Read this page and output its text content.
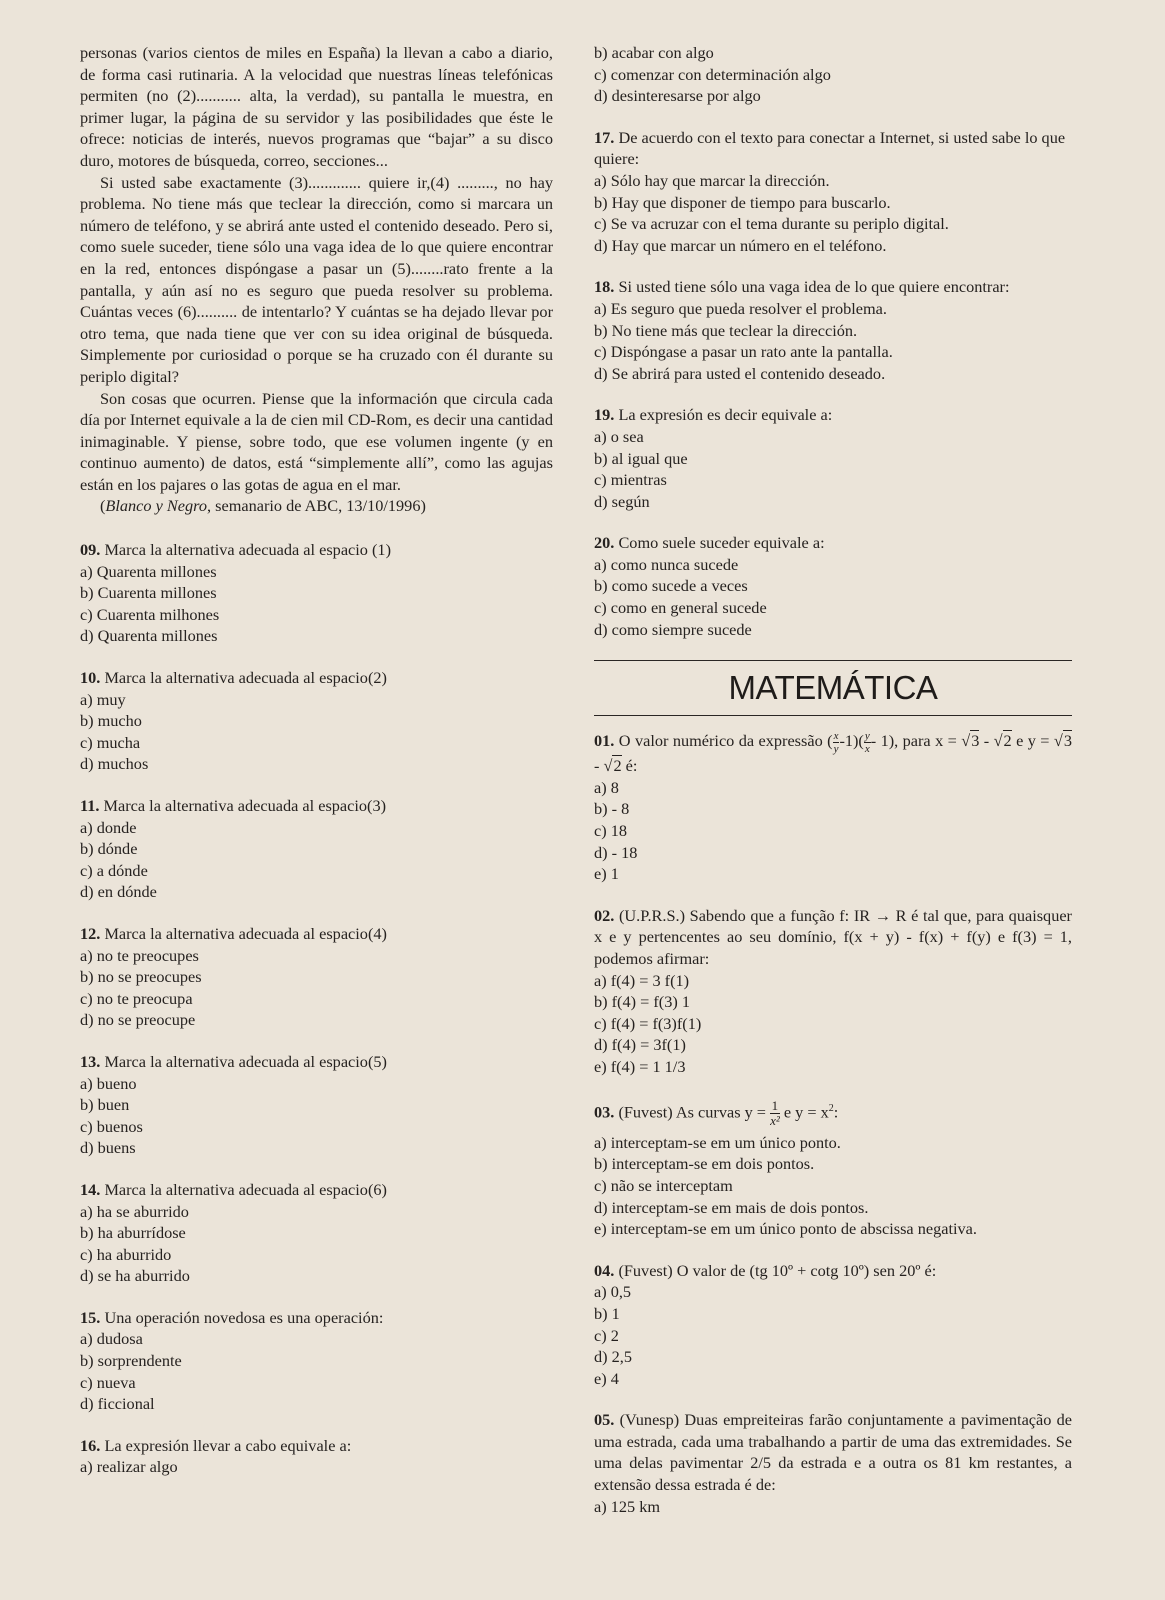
personas (varios cientos de miles en España) la llevan a cabo a diario, de forma casi rutinaria. A la velocidad que nuestras líneas telefónicas permiten (no (2)........... alta, la verdad), su pantalla le muestra, en primer lugar, la página de su servidor y las posibilidades que éste le ofrece: noticias de interés, nuevos programas que “bajar” a su disco duro, motores de búsqueda, correo, secciones...

Si usted sabe exactamente (3)............. quiere ir,(4) ........., no hay problema. No tiene más que teclear la dirección, como si marcara un número de teléfono, y se abrirá ante usted el contenido deseado. Pero si, como suele suceder, tiene sólo una vaga idea de lo que quiere encontrar en la red, entonces dispóngase a pasar un (5)........rato frente a la pantalla, y aún así no es seguro que pueda resolver su problema. Cuántas veces (6).......... de intentarlo? Y cuántas se ha dejado llevar por otro tema, que nada tiene que ver con su idea original de búsqueda. Simplemente por curiosidad o porque se ha cruzado con él durante su periplo digital?

Son cosas que ocurren. Piense que la información que circula cada día por Internet equivale a la de cien mil CD-Rom, es decir una cantidad inimaginable. Y piense, sobre todo, que ese volumen ingente (y en continuo aumento) de datos, está “simplemente allí”, como las agujas están en los pajares o las gotas de agua en el mar.

(Blanco y Negro, semanario de ABC, 13/10/1996)

09. Marca la alternativa adecuada al espacio (1)

a) Quarenta millones

b) Cuarenta millones

c) Cuarenta milhones

d) Quarenta millones

10. Marca la alternativa adecuada al espacio(2)

a) muy

b) mucho

c) mucha

d) muchos

11. Marca la alternativa adecuada al espacio(3)

a) donde

b) dónde

c) a dónde

d) en dónde

12. Marca la alternativa adecuada al espacio(4)

a) no te preocupes

b) no se preocupes

c) no te preocupa

d) no se preocupe

13. Marca la alternativa adecuada al espacio(5)

a) bueno

b) buen

c) buenos

d) buens

14. Marca la alternativa adecuada al espacio(6)

a) ha se aburrido

b) ha aburrídose

c) ha aburrido

d) se ha aburrido

15. Una operación novedosa es una operación:

a) dudosa

b) sorprendente

c) nueva

d) ficcional

16. La expresión llevar a cabo equivale a:

a) realizar algo

b) acabar con algo

c) comenzar con determinación algo

d) desinteresarse por algo

17. De acuerdo con el texto para conectar a Internet, si usted sabe lo que quiere:

a) Sólo hay que marcar la dirección.

b) Hay que disponer de tiempo para buscarlo.

c) Se va acruzar con el tema durante su periplo digital.

d) Hay que marcar un número en el teléfono.

18. Si usted tiene sólo una vaga idea de lo que quiere encontrar:

a) Es seguro que pueda resolver el problema.

b) No tiene más que teclear la dirección.

c) Dispóngase a pasar un rato ante la pantalla.

d) Se abrirá para usted el contenido deseado.

19. La expresión es decir equivale a:

a) o sea

b) al igual que

c) mientras

d) según

20. Como suele suceder equivale a:

a) como nunca sucede

b) como sucede a veces

c) como en general sucede

d) como siempre sucede

MATEMÁTICA

01. O valor numérico da expressão ( $\frac{x}{y} -1)( \frac{y}{x} - 1)$, para x = √3 - √2 e y = √3 - √2 é:

a) 8

b) - 8

c) 18

d) - 18

e) 1

02. (U.P.R.S.) Sabendo que a função f: IR → R é tal que, para quaisquer x e y pertencentes ao seu domínio, f(x + y) - f(x) + f(y) e f(3) = 1, podemos afirmar:

a) f(4) = 3 f(1)

b) f(4) = f(3) 1

c) f(4) = f(3)f(1)

d) f(4) = 3f(1)

e) f(4) = 1 1/3

03. (Fuvest) As curvas $y = \frac{1}{\text{x²}}$ e $y = x^2$:

a) interceptam-se em um único ponto.

b) interceptam-se em dois pontos.

c) não se interceptam

d) interceptam-se em mais de dois pontos.

e) interceptam-se em um único ponto de abscissa negativa.

04. (Fuvest) O valor de (tg 10º + cotg 10º) sen 20º é:

a) 0,5

b) 1

c) 2

d) 2,5

e) 4

05. (Vunesp) Duas empreiteiras farão conjuntamente a pavimentação de uma estrada, cada uma trabalhando a partir de uma das extremidades. Se uma delas pavimentar 2/5 da estrada e a outra os 81 km restantes, a extensão dessa estrada é de:

a) 125 km
